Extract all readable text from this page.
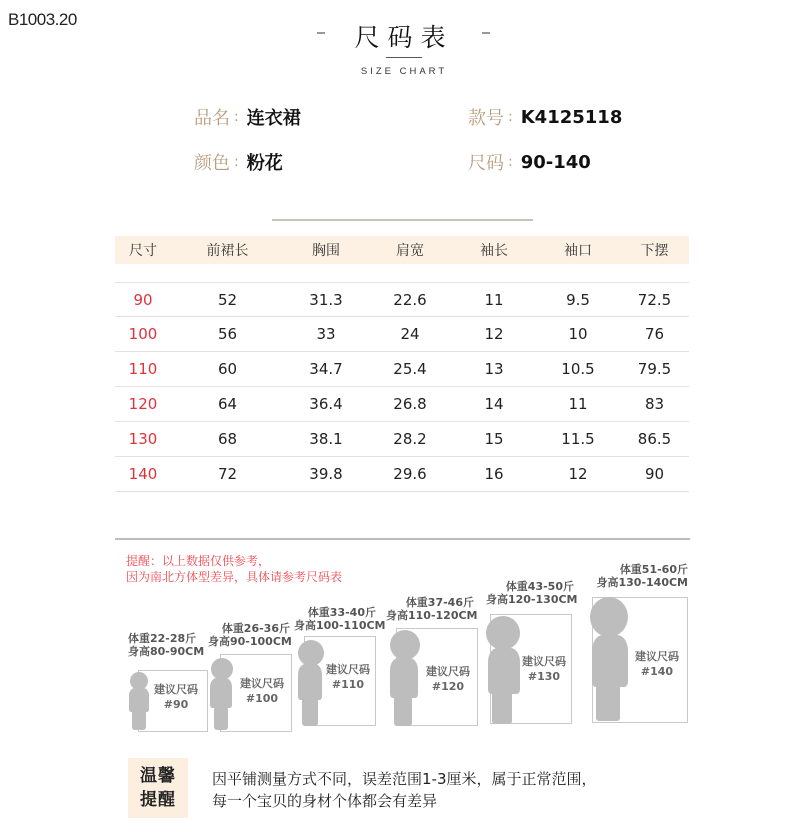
B1003.20
尺码表
SIZE CHART
品名 : 连衣裙
颜色 : 粉花
款号 : K4125118
尺码 : 90-140
尺寸	前裙长	胸围	肩宽	袖长	袖口	下摆
90	52	31.3	22.6	11	9.5	72.5
100	56	33	24	12	10	76
110	60	34.7	25.4	13	10.5	79.5
120	64	36.4	26.8	14	11	83
130	68	38.1	28.2	15	11.5	86.5
140	72	39.8	29.6	16	12	90
提醒：以上数据仅供参考，
因为南北方体型差异，具体请参考尺码表
体重22-28斤
身高80-90CM
建议尺码
#90
体重26-36斤
身高90-100CM
建议尺码
#100
体重33-40斤
身高100-110CM
建议尺码
#110
体重37-46斤
身高110-120CM
建议尺码
#120
体重43-50斤
身高120-130CM
建议尺码
#130
体重51-60斤
身高130-140CM
建议尺码
#140
温馨
提醒
因平铺测量方式不同，误差范围1-3厘米，属于正常范围，
每一个宝贝的身材个体都会有差异
